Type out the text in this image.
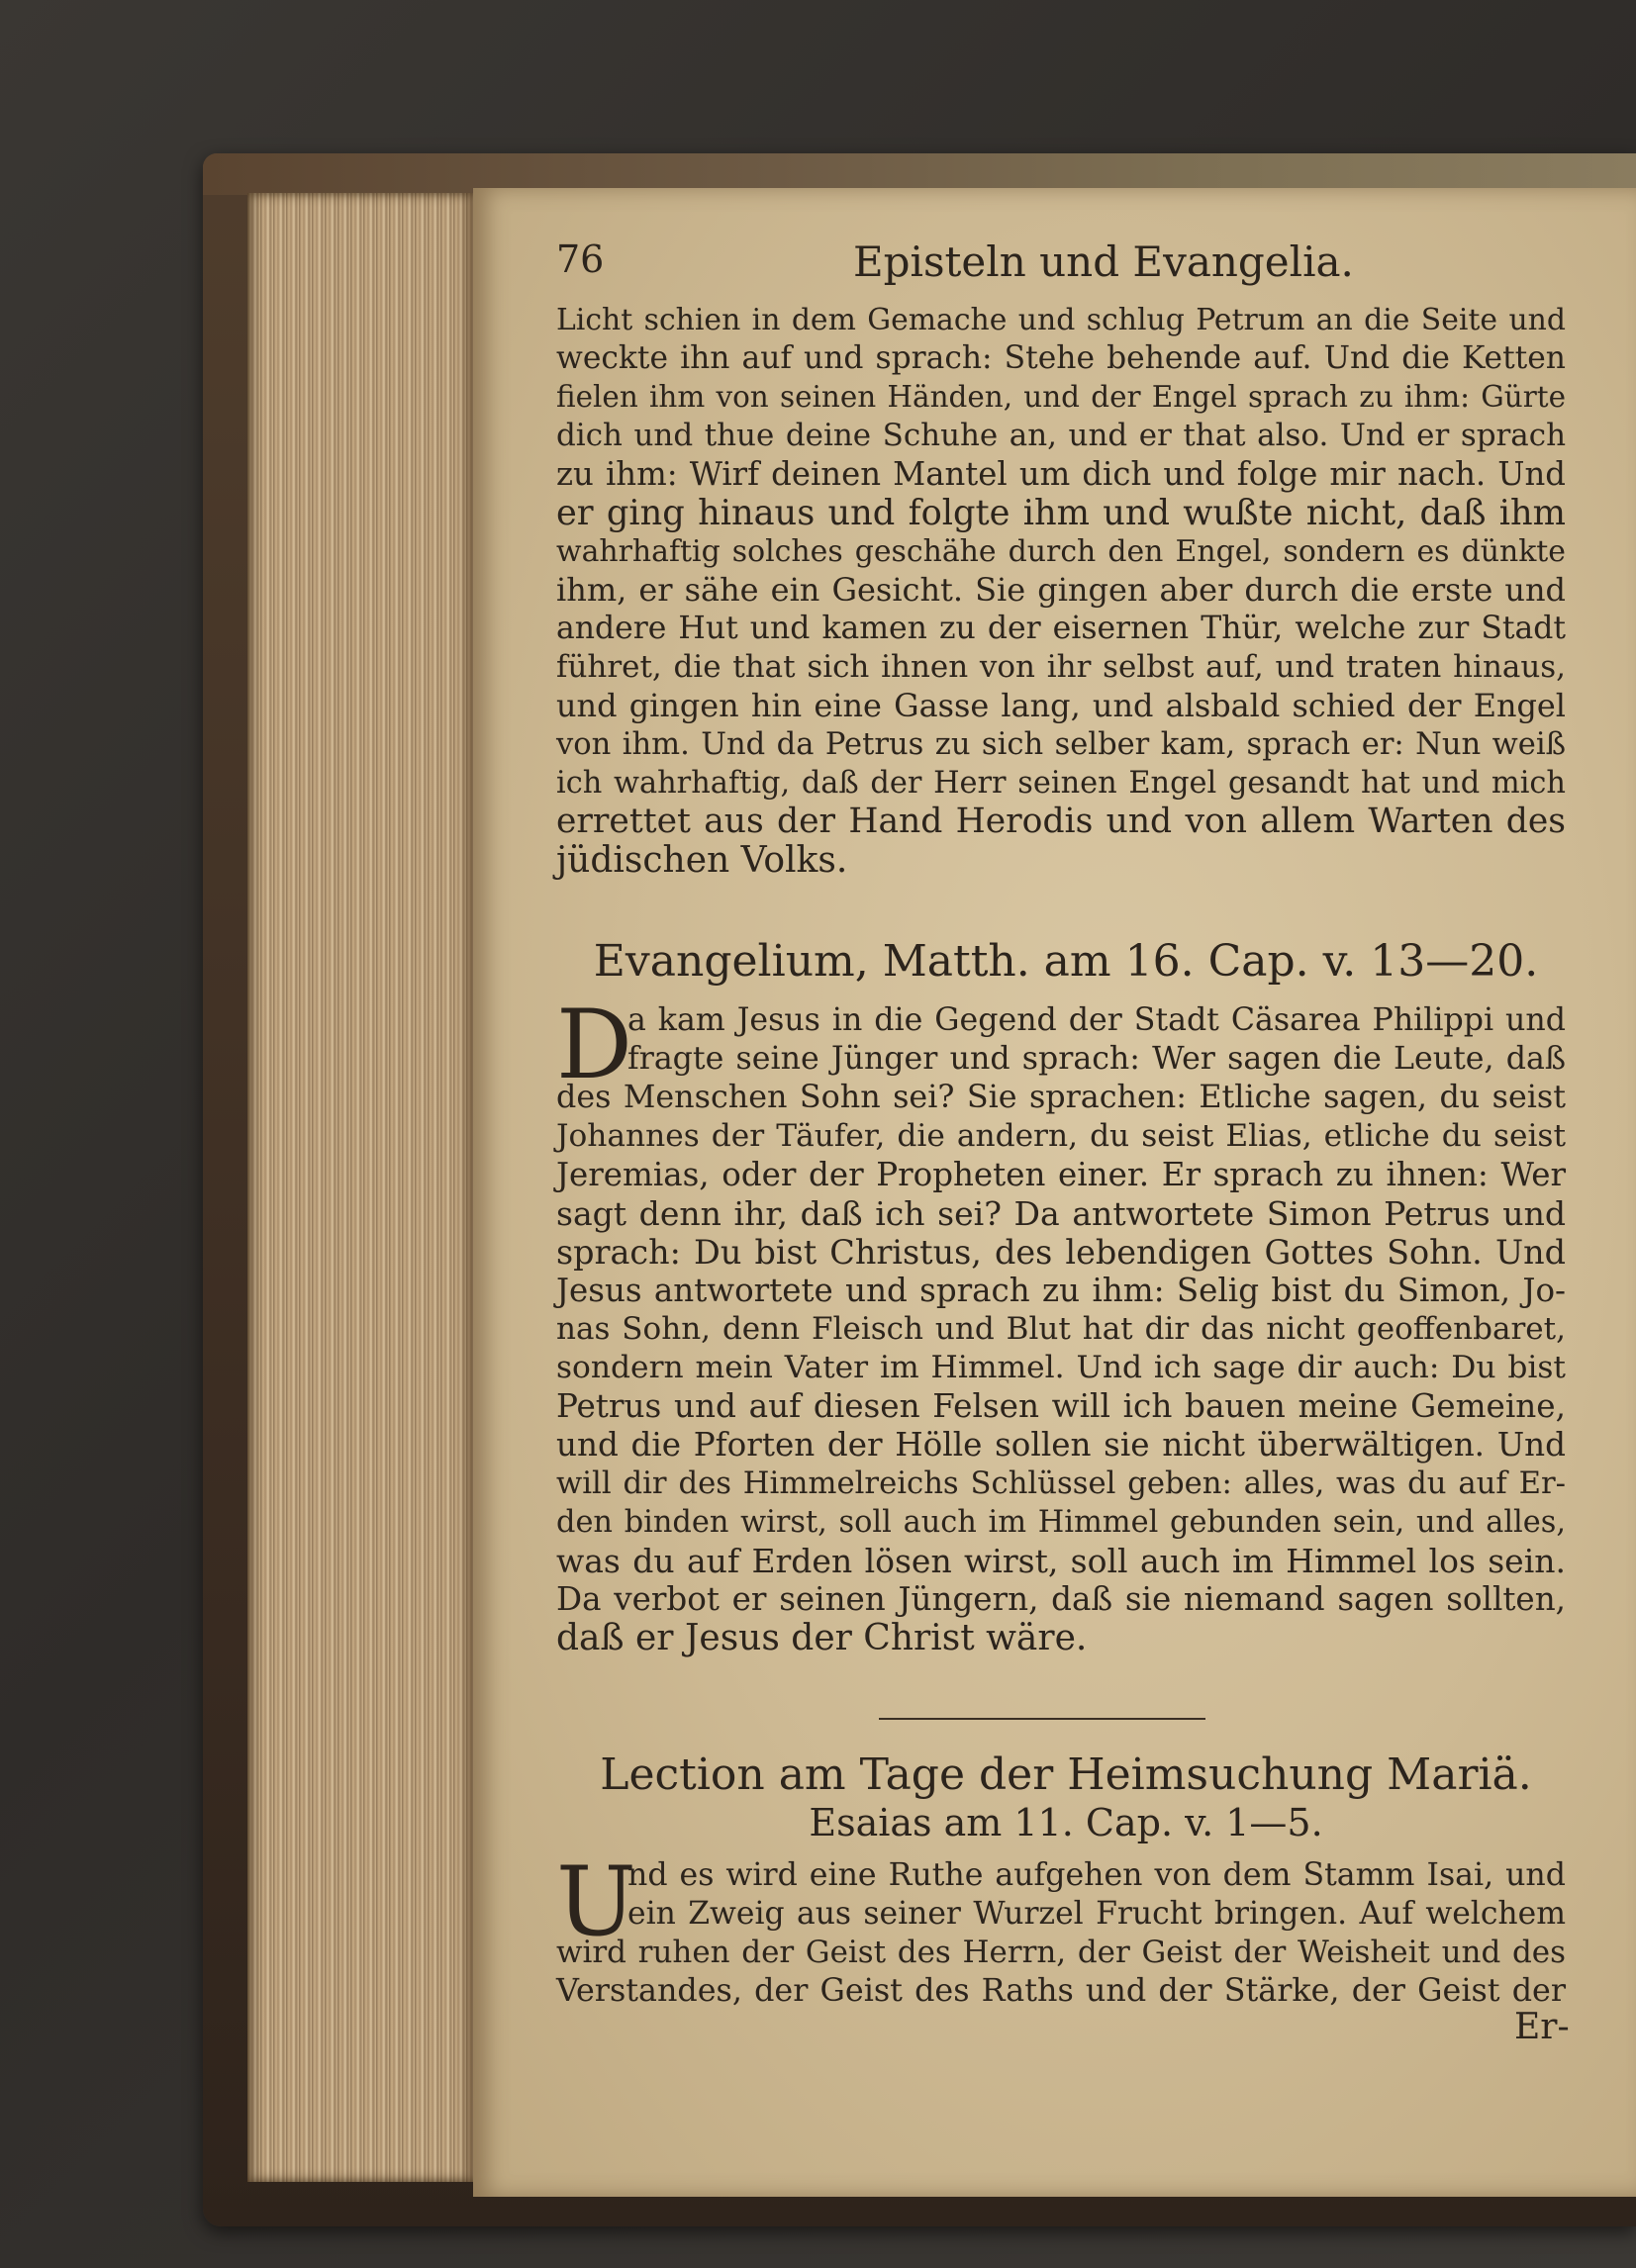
76	Episteln und Evangelia.
Licht schien in dem Gemache und schlug Petrum an die Seite und
weckte ihn auf und sprach: Stehe behende auf. Und die Ketten
fielen ihm von seinen Händen, und der Engel sprach zu ihm: Gürte
dich und thue deine Schuhe an, und er that also. Und er sprach
zu ihm: Wirf deinen Mantel um dich und folge mir nach. Und
er ging hinaus und folgte ihm und wußte nicht, daß ihm
wahrhaftig solches geschähe durch den Engel, sondern es dünkte
ihm, er sähe ein Gesicht. Sie gingen aber durch die erste und
andere Hut und kamen zu der eisernen Thür, welche zur Stadt
führet, die that sich ihnen von ihr selbst auf, und traten hinaus,
und gingen hin eine Gasse lang, und alsbald schied der Engel
von ihm. Und da Petrus zu sich selber kam, sprach er: Nun weiß
ich wahrhaftig, daß der Herr seinen Engel gesandt hat und mich
errettet aus der Hand Herodis und von allem Warten des
jüdischen Volks.
Evangelium, Matth. am 16. Cap. v. 13—20.
D
a kam Jesus in die Gegend der Stadt Cäsarea Philippi und
fragte seine Jünger und sprach: Wer sagen die Leute, daß
des Menschen Sohn sei? Sie sprachen: Etliche sagen, du seist
Johannes der Täufer, die andern, du seist Elias, etliche du seist
Jeremias, oder der Propheten einer. Er sprach zu ihnen: Wer
sagt denn ihr, daß ich sei? Da antwortete Simon Petrus und
sprach: Du bist Christus, des lebendigen Gottes Sohn. Und
Jesus antwortete und sprach zu ihm: Selig bist du Simon, Jo-
nas Sohn, denn Fleisch und Blut hat dir das nicht geoffenbaret,
sondern mein Vater im Himmel. Und ich sage dir auch: Du bist
Petrus und auf diesen Felsen will ich bauen meine Gemeine,
und die Pforten der Hölle sollen sie nicht überwältigen. Und
will dir des Himmelreichs Schlüssel geben: alles, was du auf Er-
den binden wirst, soll auch im Himmel gebunden sein, und alles,
was du auf Erden lösen wirst, soll auch im Himmel los sein.
Da verbot er seinen Jüngern, daß sie niemand sagen sollten,
daß er Jesus der Christ wäre.
Lection am Tage der Heimsuchung Mariä.
Esaias am 11. Cap. v. 1—5.
U
nd es wird eine Ruthe aufgehen von dem Stamm Isai, und
ein Zweig aus seiner Wurzel Frucht bringen. Auf welchem
wird ruhen der Geist des Herrn, der Geist der Weisheit und des
Verstandes, der Geist des Raths und der Stärke, der Geist der
Er-
